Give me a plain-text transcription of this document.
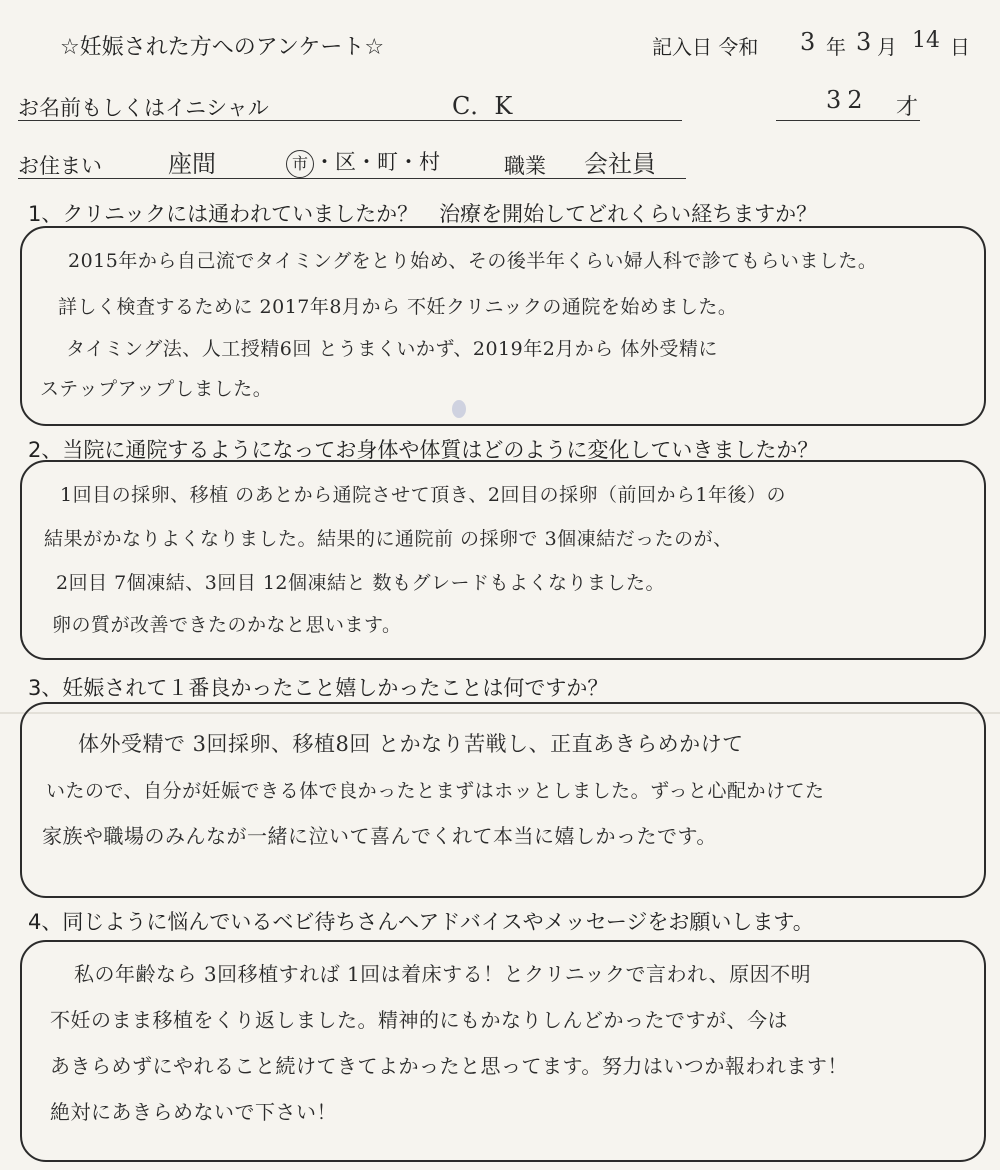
☆妊娠された方へのアンケート☆	記入日 令和 3 年 3 月 14 日
お名前もしくはイニシャル	C．K	32 才
お住まい	座間	市 ・区・町・村	職業 会社員
1、クリニックには通われていましたか？　治療を開始してどれくらい経ちますか？
2015年から自己流でタイミングをとり始め、その後半年くらい婦人科で診てもらいました。
詳しく検査するために 2017年8月から 不妊クリニックの通院を始めました。
タイミング法、人工授精6回 とうまくいかず、2019年2月から 体外受精に
ステップアップしました。
2、当院に通院するようになってお身体や体質はどのように変化していきましたか？
1回目の採卵、移植 のあとから通院させて頂き、2回目の採卵（前回から1年後）の
結果がかなりよくなりました。結果的に通院前 の採卵で 3個凍結だったのが、
2回目 7個凍結、3回目 12個凍結と 数もグレードもよくなりました。
卵の質が改善できたのかなと思います。
3、妊娠されて１番良かったこと嬉しかったことは何ですか？
体外受精で 3回採卵、移植8回 とかなり苦戦し、正直あきらめかけて
いたので、自分が妊娠できる体で良かったとまずはホッとしました。ずっと心配かけてた
家族や職場のみんなが一緒に泣いて喜んでくれて本当に嬉しかったです。
4、同じように悩んでいるベビ待ちさんへアドバイスやメッセージをお願いします。
私の年齢なら 3回移植すれば 1回は着床する！とクリニックで言われ、原因不明
不妊のまま移植をくり返しました。精神的にもかなりしんどかったですが、今は
あきらめずにやれること続けてきてよかったと思ってます。努力はいつか報われます！
絶対にあきらめないで下さい！
